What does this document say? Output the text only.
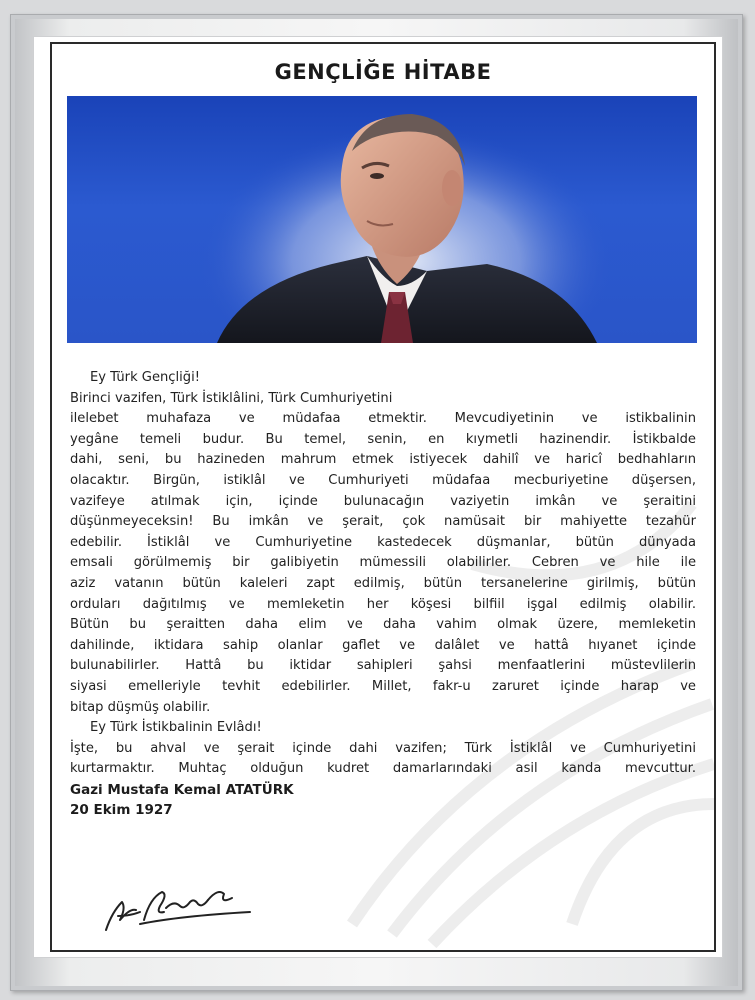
GENÇLİĞE HİTABE

Ey Türk Gençliği!

Birinci vazifen, Türk İstiklâlini, Türk Cumhuriyetini

ilelebet muhafaza ve müdafaa etmektir. Mevcudiyetinin ve istikbalinin

yegâne temeli budur. Bu temel, senin, en kıymetli hazinendir. İstikbalde

dahi, seni, bu hazineden mahrum etmek istiyecek dahilî ve haricî bedhahların

olacaktır. Birgün, istiklâl ve Cumhuriyeti müdafaa mecburiyetine düşersen,

vazifeye atılmak için, içinde bulunacağın vaziyetin imkân ve şeraitini

düşünmeyeceksin! Bu imkân ve şerait, çok namüsait bir mahiyette tezahür

edebilir. İstiklâl ve Cumhuriyetine kastedecek düşmanlar, bütün dünyada

emsali görülmemiş bir galibiyetin mümessili olabilirler. Cebren ve hile ile

aziz vatanın bütün kaleleri zapt edilmiş, bütün tersanelerine girilmiş, bütün

orduları dağıtılmış ve memleketin her köşesi bilfiil işgal edilmiş olabilir.

Bütün bu şeraitten daha elim ve daha vahim olmak üzere, memleketin

dahilinde, iktidara sahip olanlar gaflet ve dalâlet ve hattâ hıyanet içinde

bulunabilirler. Hattâ bu iktidar sahipleri şahsi menfaatlerini müstevlilerin

siyasi emelleriyle tevhit edebilirler. Millet, fakr-u zaruret içinde harap ve

bitap düşmüş olabilir.

Ey Türk İstikbalinin Evlâdı!

İşte, bu ahval ve şerait içinde dahi vazifen; Türk İstiklâl ve Cumhuriyetini

kurtarmaktır. Muhtaç olduğun kudret damarlarındaki asil kanda mevcuttur.

Gazi Mustafa Kemal ATATÜRK

20 Ekim 1927
